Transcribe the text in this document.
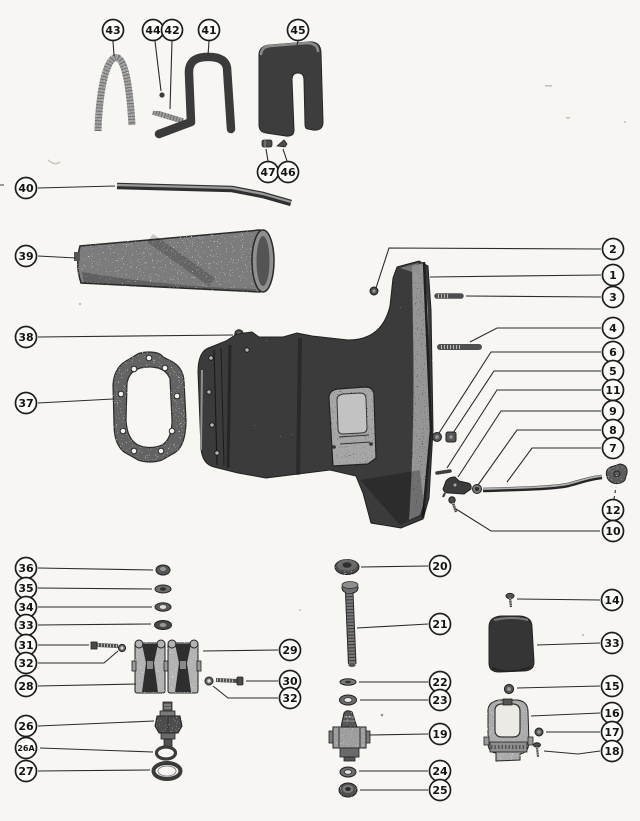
43 44 42 41	45
47 46
40
39
38
37
2
1
3
4
6
5
11
9
8
7
12
10
36
35
34
33
31
32
28
29
30
32
26
26A
27
20
21
22
23
19
24
25
14
33
15
16
17
18
